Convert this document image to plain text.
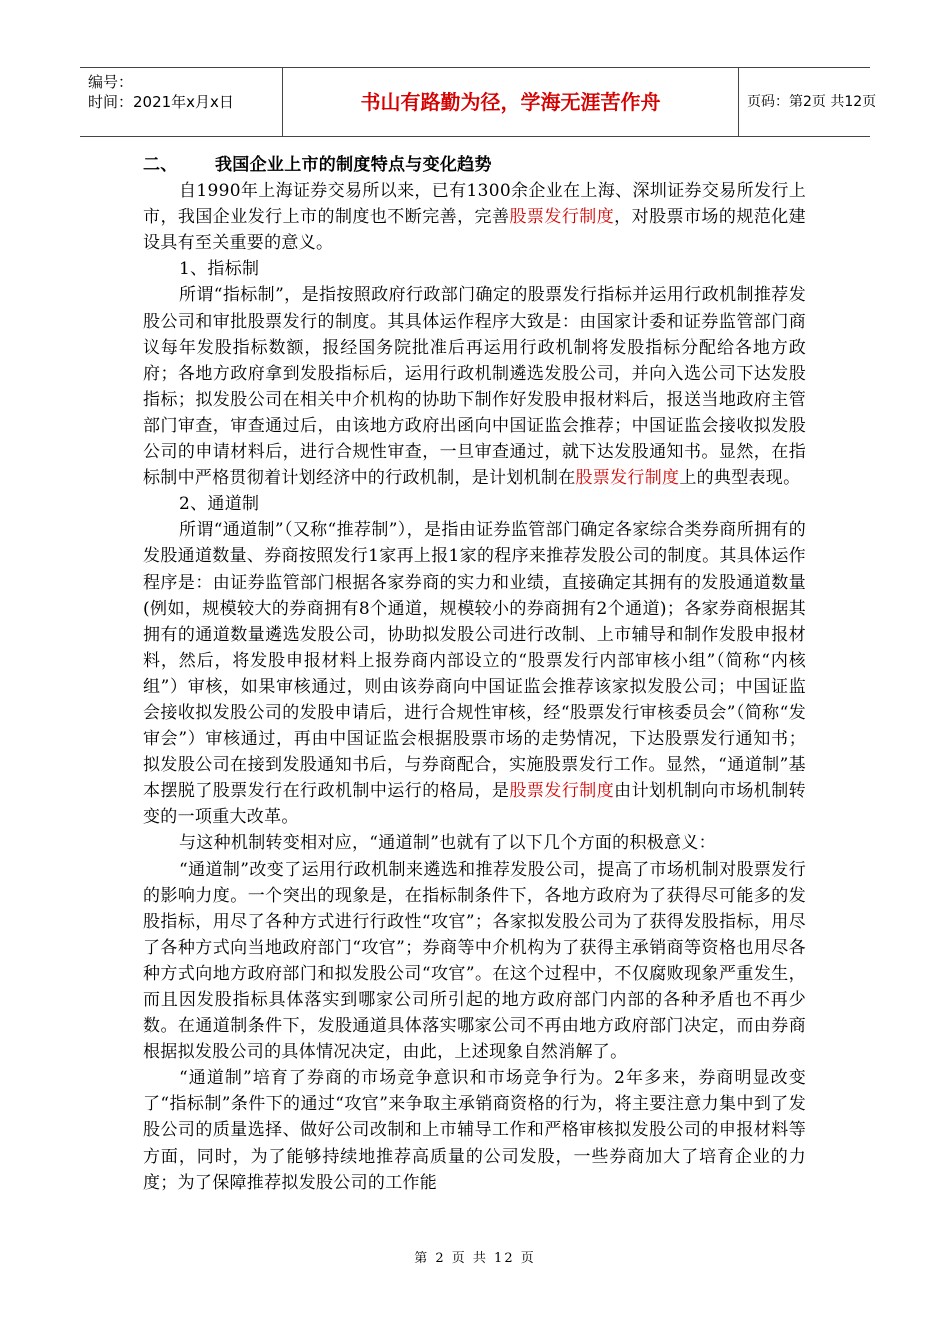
编号：
时间：2021年x月x日	书山有路勤为径，学海无涯苦作舟	页码：第2页 共12页

二、 我国企业上市的制度特点与变化趋势

自1990年上海证券交易所以来，已有1300余企业在上海、深圳证券交易所发行上市，我国企业发行上市的制度也不断完善，完善股票发行制度，对股票市场的规范化建设具有至关重要的意义。

1、指标制

所谓“指标制”，是指按照政府行政部门确定的股票发行指标并运用行政机制推荐发股公司和审批股票发行的制度。其具体运作程序大致是：由国家计委和证券监管部门商议每年发股指标数额，报经国务院批准后再运用行政机制将发股指标分配给各地方政府；各地方政府拿到发股指标后，运用行政机制遴选发股公司，并向入选公司下达发股指标；拟发股公司在相关中介机构的协助下制作好发股申报材料后，报送当地政府主管部门审查，审查通过后，由该地方政府出函向中国证监会推荐；中国证监会接收拟发股公司的申请材料后，进行合规性审查，一旦审查通过，就下达发股通知书。显然，在指标制中严格贯彻着计划经济中的行政机制，是计划机制在股票发行制度上的典型表现。

2、通道制

所谓“通道制”（又称“推荐制”），是指由证券监管部门确定各家综合类券商所拥有的发股通道数量、券商按照发行1家再上报1家的程序来推荐发股公司的制度。其具体运作程序是：由证券监管部门根据各家券商的实力和业绩，直接确定其拥有的发股通道数量(例如，规模较大的券商拥有8个通道，规模较小的券商拥有2个通道)；各家券商根据其拥有的通道数量遴选发股公司，协助拟发股公司进行改制、上市辅导和制作发股申报材料，然后，将发股申报材料上报券商内部设立的“股票发行内部审核小组”（简称“内核组”）审核，如果审核通过，则由该券商向中国证监会推荐该家拟发股公司；中国证监会接收拟发股公司的发股申请后，进行合规性审核，经“股票发行审核委员会”（简称“发审会”）审核通过，再由中国证监会根据股票市场的走势情况，下达股票发行通知书；拟发股公司在接到发股通知书后，与券商配合，实施股票发行工作。显然，“通道制”基本摆脱了股票发行在行政机制中运行的格局，是股票发行制度由计划机制向市场机制转变的一项重大改革。

与这种机制转变相对应，“通道制”也就有了以下几个方面的积极意义：

“通道制”改变了运用行政机制来遴选和推荐发股公司，提高了市场机制对股票发行的影响力度。一个突出的现象是，在指标制条件下，各地方政府为了获得尽可能多的发股指标，用尽了各种方式进行行政性“攻官”；各家拟发股公司为了获得发股指标，用尽了各种方式向当地政府部门“攻官”；券商等中介机构为了获得主承销商等资格也用尽各种方式向地方政府部门和拟发股公司“攻官”。在这个过程中，不仅腐败现象严重发生，而且因发股指标具体落实到哪家公司所引起的地方政府部门内部的各种矛盾也不再少数。在通道制条件下，发股通道具体落实哪家公司不再由地方政府部门决定，而由券商根据拟发股公司的具体情况决定，由此，上述现象自然消解了。

“通道制”培育了券商的市场竞争意识和市场竞争行为。2年多来，券商明显改变了“指标制”条件下的通过“攻官”来争取主承销商资格的行为，将主要注意力集中到了发股公司的质量选择、做好公司改制和上市辅导工作和严格审核拟发股公司的申报材料等方面，同时，为了能够持续地推荐高质量的公司发股，一些券商加大了培育企业的力度；为了保障推荐拟发股公司的工作能

第 2 页 共 12 页
